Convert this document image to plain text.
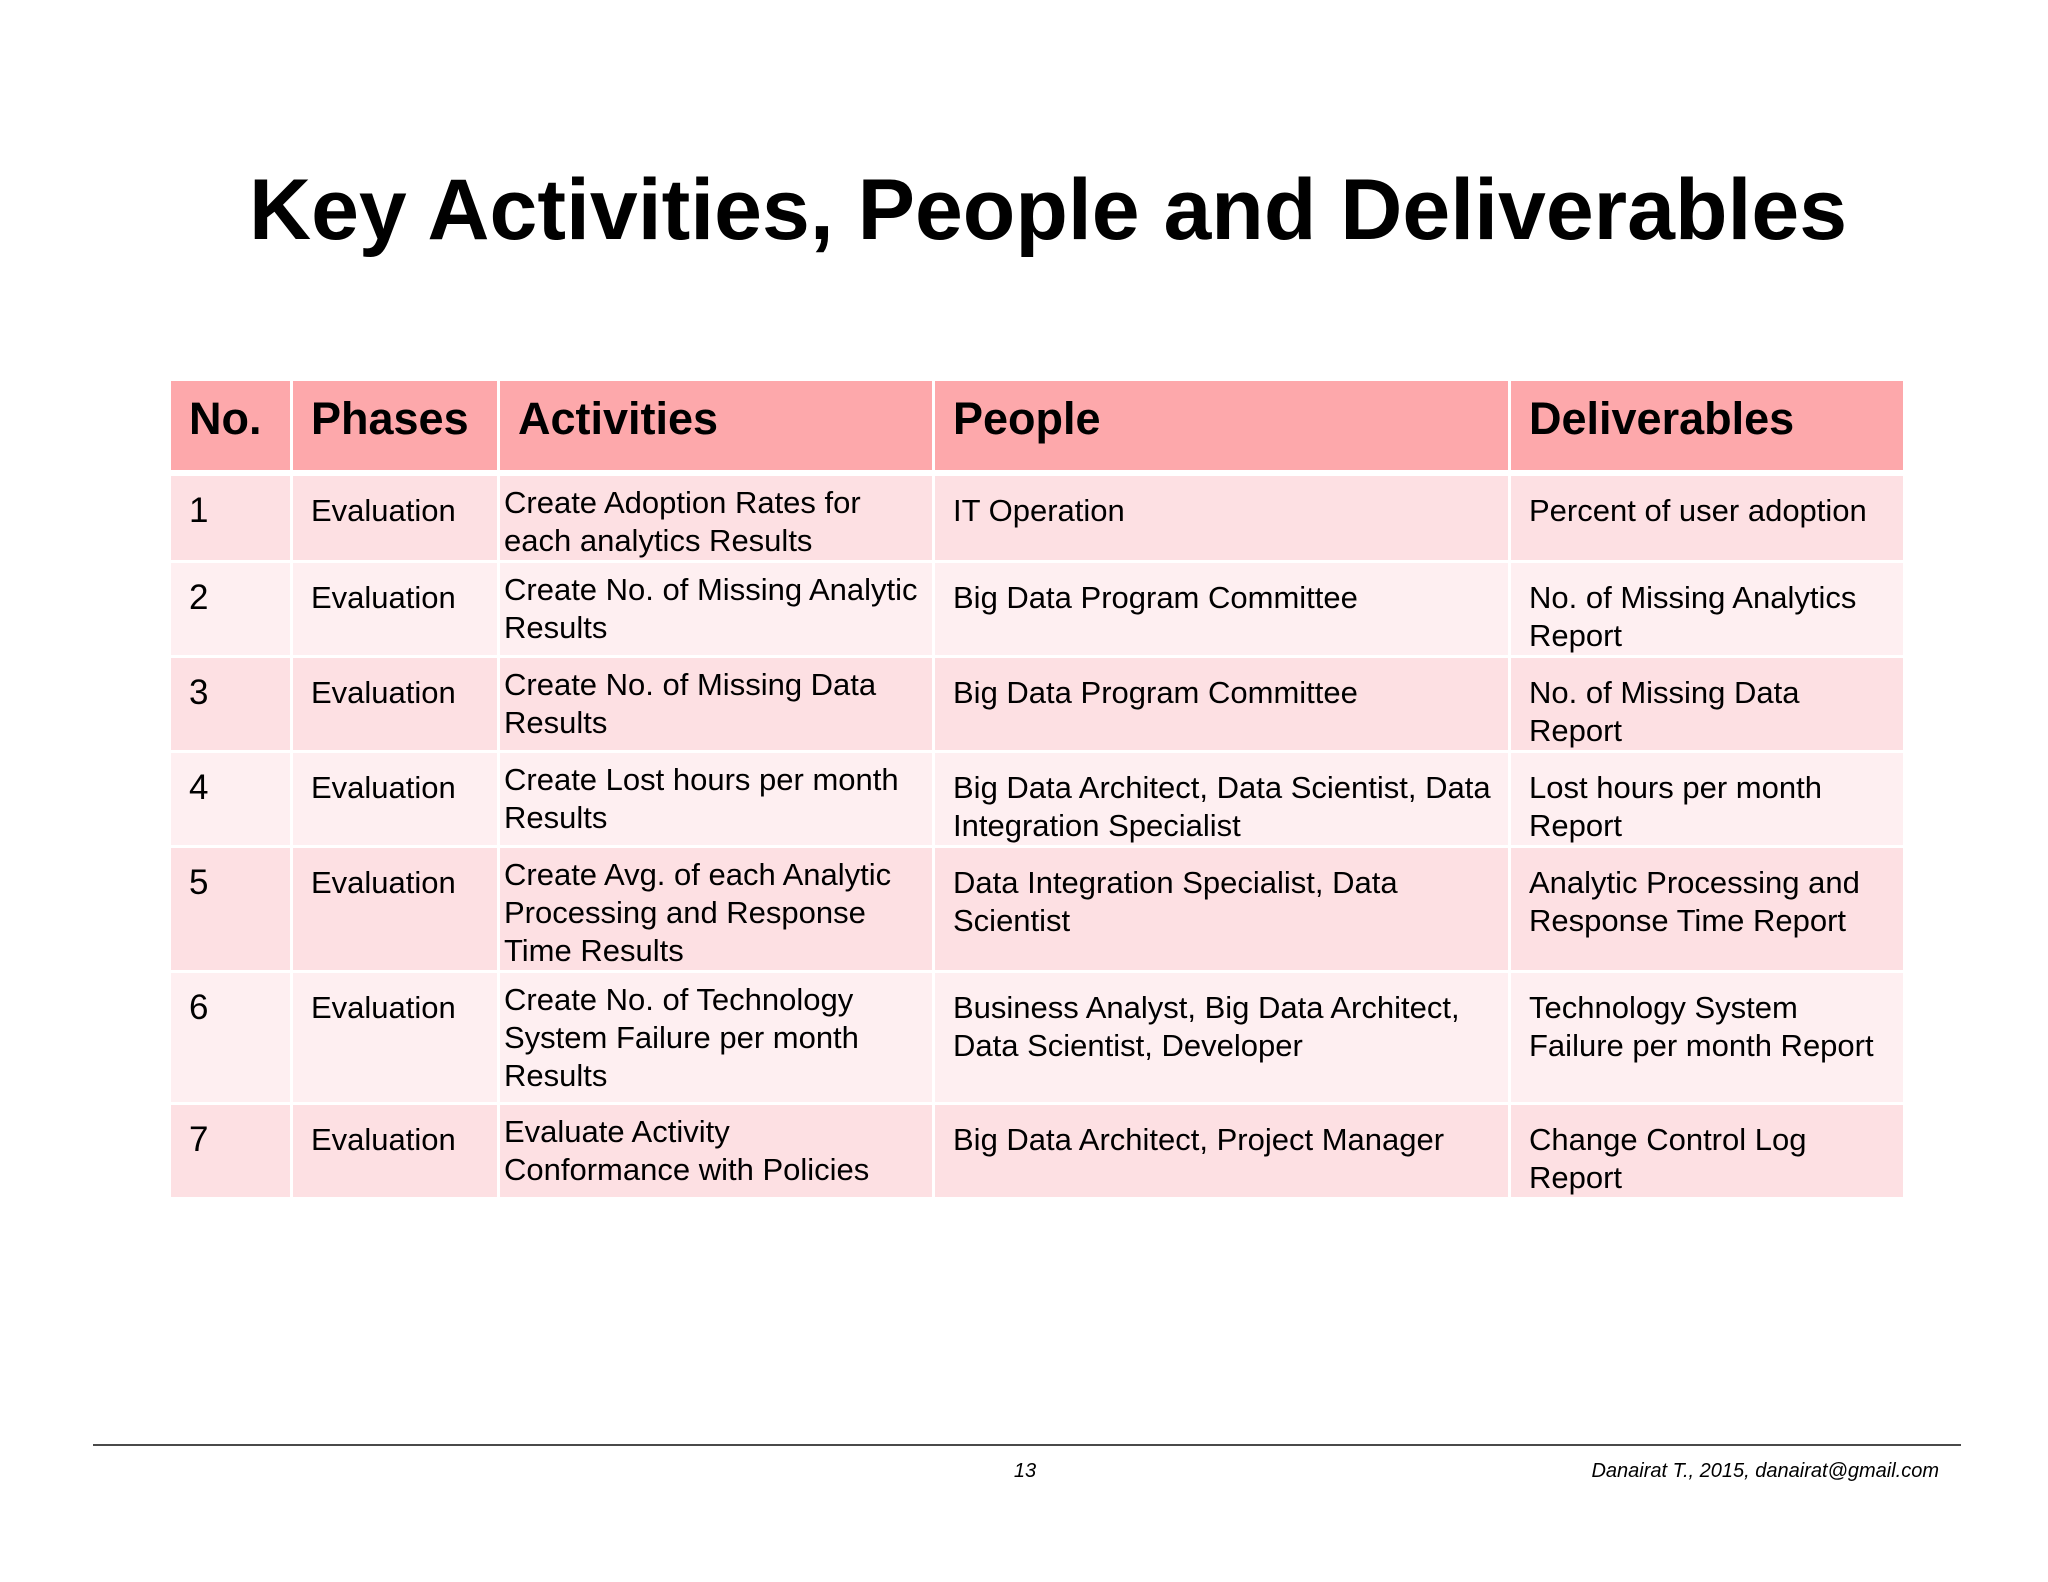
Key Activities, People and Deliverables
No.	Phases	Activities	People	Deliverables
1	Evaluation	Create Adoption Rates for each analytics Results	IT Operation	Percent of user adoption
2	Evaluation	Create No. of Missing Analytic Results	Big Data Program Committee	No. of Missing Analytics Report
3	Evaluation	Create No. of Missing Data Results	Big Data Program Committee	No. of Missing Data Report
4	Evaluation	Create Lost hours per month Results	Big Data Architect, Data Scientist, Data Integration Specialist	Lost hours per month Report
5	Evaluation	Create Avg. of each Analytic Processing and Response Time Results	Data Integration Specialist, Data Scientist	Analytic Processing and Response Time Report
6	Evaluation	Create No. of Technology System Failure per month Results	Business Analyst, Big Data Architect, Data Scientist, Developer	Technology System Failure per month Report
7	Evaluation	Evaluate Activity Conformance with Policies	Big Data Architect, Project Manager	Change Control Log Report
13	Danairat T., 2015, danairat@gmail.com
